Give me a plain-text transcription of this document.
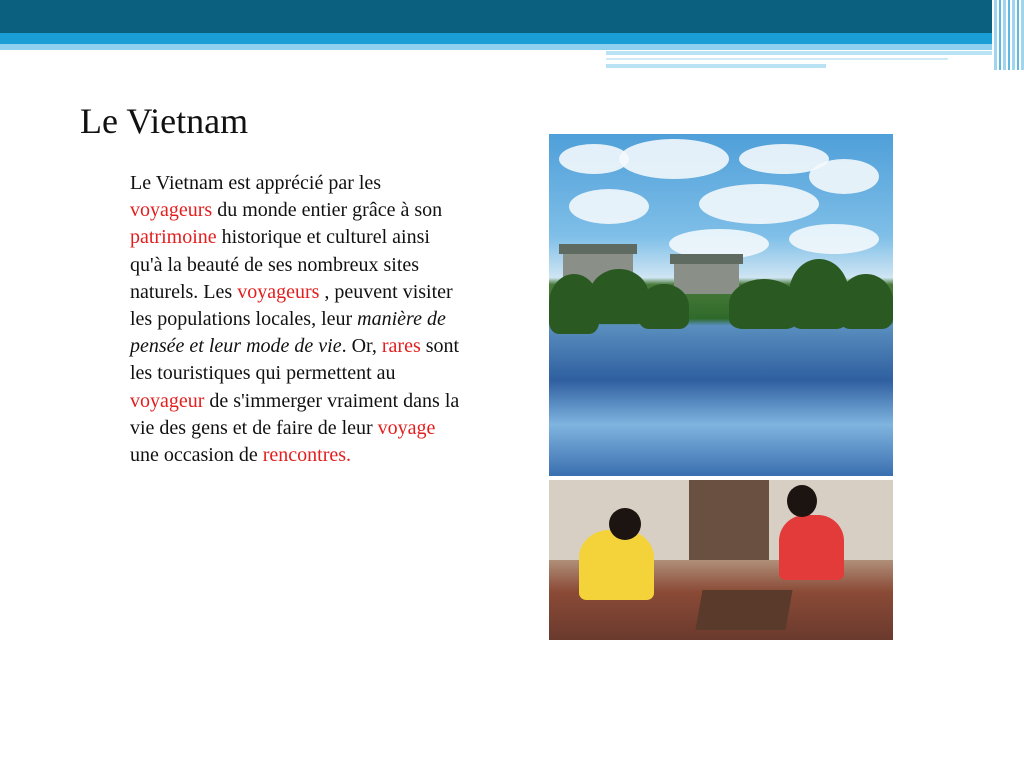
Le Vietnam

Le Vietnam est apprécié par les voyageurs du monde entier grâce à son patrimoine historique et culturel ainsi qu'à la beauté de ses nombreux sites naturels. Les voyageurs , peuvent visiter les populations locales, leur manière de pensée et leur mode de vie. Or, rares sont les touristiques qui permettent au voyageur de s'immerger vraiment dans la vie des gens et de faire de leur voyage une occasion de rencontres.
